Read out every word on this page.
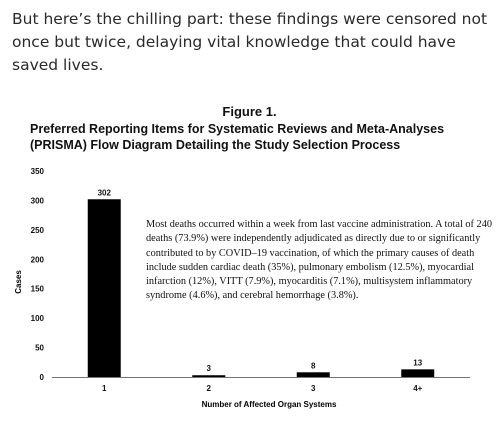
But here’s the chilling part: these findings were censored not once but twice, delaying vital knowledge that could have saved lives.

Figure 1.

Preferred Reporting Items for Systematic Reviews and Meta-Analyses (PRISMA) Flow Diagram Detailing the Study Selection Process

0
50
100
150
200
250
300
350
302
3	8	13
1	2	3	4+
Cases
Number of Affected Organ Systems

Most deaths occurred within a week from last vaccine administration. A total of 240 deaths (73.9%) were independently adjudicated as directly due to or significantly contributed to by COVID–19 vaccination, of which the primary causes of death include sudden cardiac death (35%), pulmonary embolism (12.5%), myocardial infarction (12%), VITT (7.9%), myocarditis (7.1%), multisystem inflammatory syndrome (4.6%), and cerebral hemorrhage (3.8%).
